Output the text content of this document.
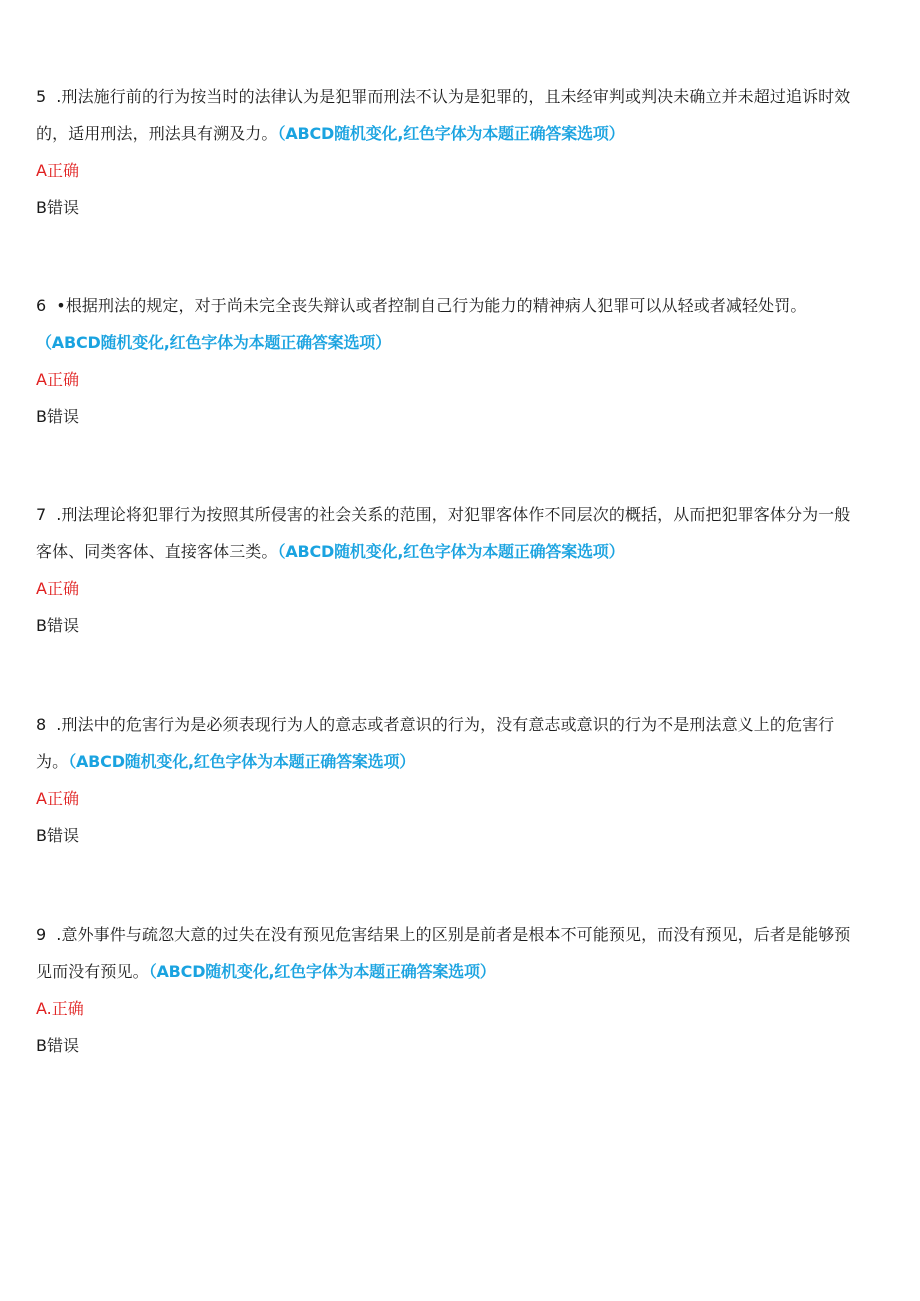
5 .刑法施行前的行为按当时的法律认为是犯罪而刑法不认为是犯罪的，且未经审判或判决未确立并未超过追诉时效的，适用刑法，刑法具有溯及力。（ABCD随机变化,红色字体为本题正确答案选项）

A正确

B错误

6 •根据刑法的规定，对于尚未完全丧失辩认或者控制自己行为能力的精神病人犯罪可以从轻或者减轻处罚。（ABCD随机变化,红色字体为本题正确答案选项）

A正确

B错误

7 .刑法理论将犯罪行为按照其所侵害的社会关系的范围，对犯罪客体作不同层次的概括，从而把犯罪客体分为一般客体、同类客体、直接客体三类。（ABCD随机变化,红色字体为本题正确答案选项）

A正确

B错误

8 .刑法中的危害行为是必须表现行为人的意志或者意识的行为，没有意志或意识的行为不是刑法意义上的危害行为。（ABCD随机变化,红色字体为本题正确答案选项）

A正确

B错误

9 .意外事件与疏忽大意的过失在没有预见危害结果上的区别是前者是根本不可能预见，而没有预见，后者是能够预见而没有预见。（ABCD随机变化,红色字体为本题正确答案选项）

A.正确

B错误
